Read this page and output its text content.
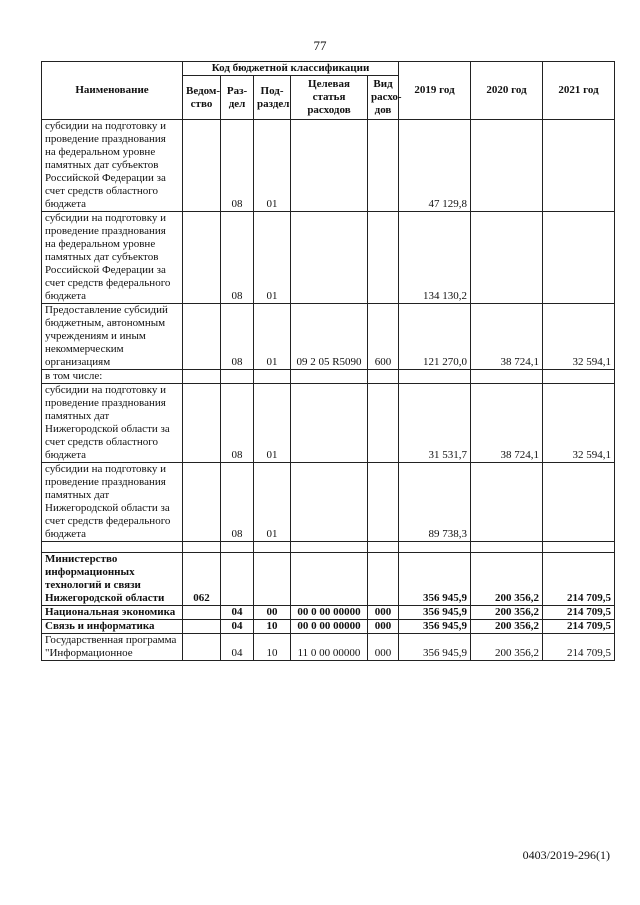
77
Наименование	Код бюджетной классификации					2019 год	2020 год	2021 год
	Ведом-ство	Раз-дел	Под-раздел	Целевая статья расходов	Вид расхо-дов			
субсидии на подготовку и проведение празднования на федеральном уровне памятных дат субъектов Российской Федерации за счет средств областного бюджета		08	01			47 129,8		
субсидии на подготовку и проведение празднования на федеральном уровне памятных дат субъектов Российской Федерации за счет средств федерального бюджета		08	01			134 130,2		
Предоставление субсидий бюджетным, автономным учреждениям и иным некоммерческим организациям		08	01	09 2 05 R5090	600	121 270,0	38 724,1	32 594,1
в том числе:								
субсидии на подготовку и проведение празднования памятных дат Нижегородской области за счет средств областного бюджета		08	01			31 531,7	38 724,1	32 594,1
субсидии на подготовку и проведение празднования памятных дат Нижегородской области за счет средств федерального бюджета		08	01			89 738,3		

Министерство информационных технологий и связи Нижегородской области	062					356 945,9	200 356,2	214 709,5
Национальная экономика		04	00	00 0 00 00000	000	356 945,9	200 356,2	214 709,5
Связь и информатика		04	10	00 0 00 00000	000	356 945,9	200 356,2	214 709,5
Государственная программа "Информационное		04	10	11 0 00 00000	000	356 945,9	200 356,2	214 709,5
0403/2019-296(1)
